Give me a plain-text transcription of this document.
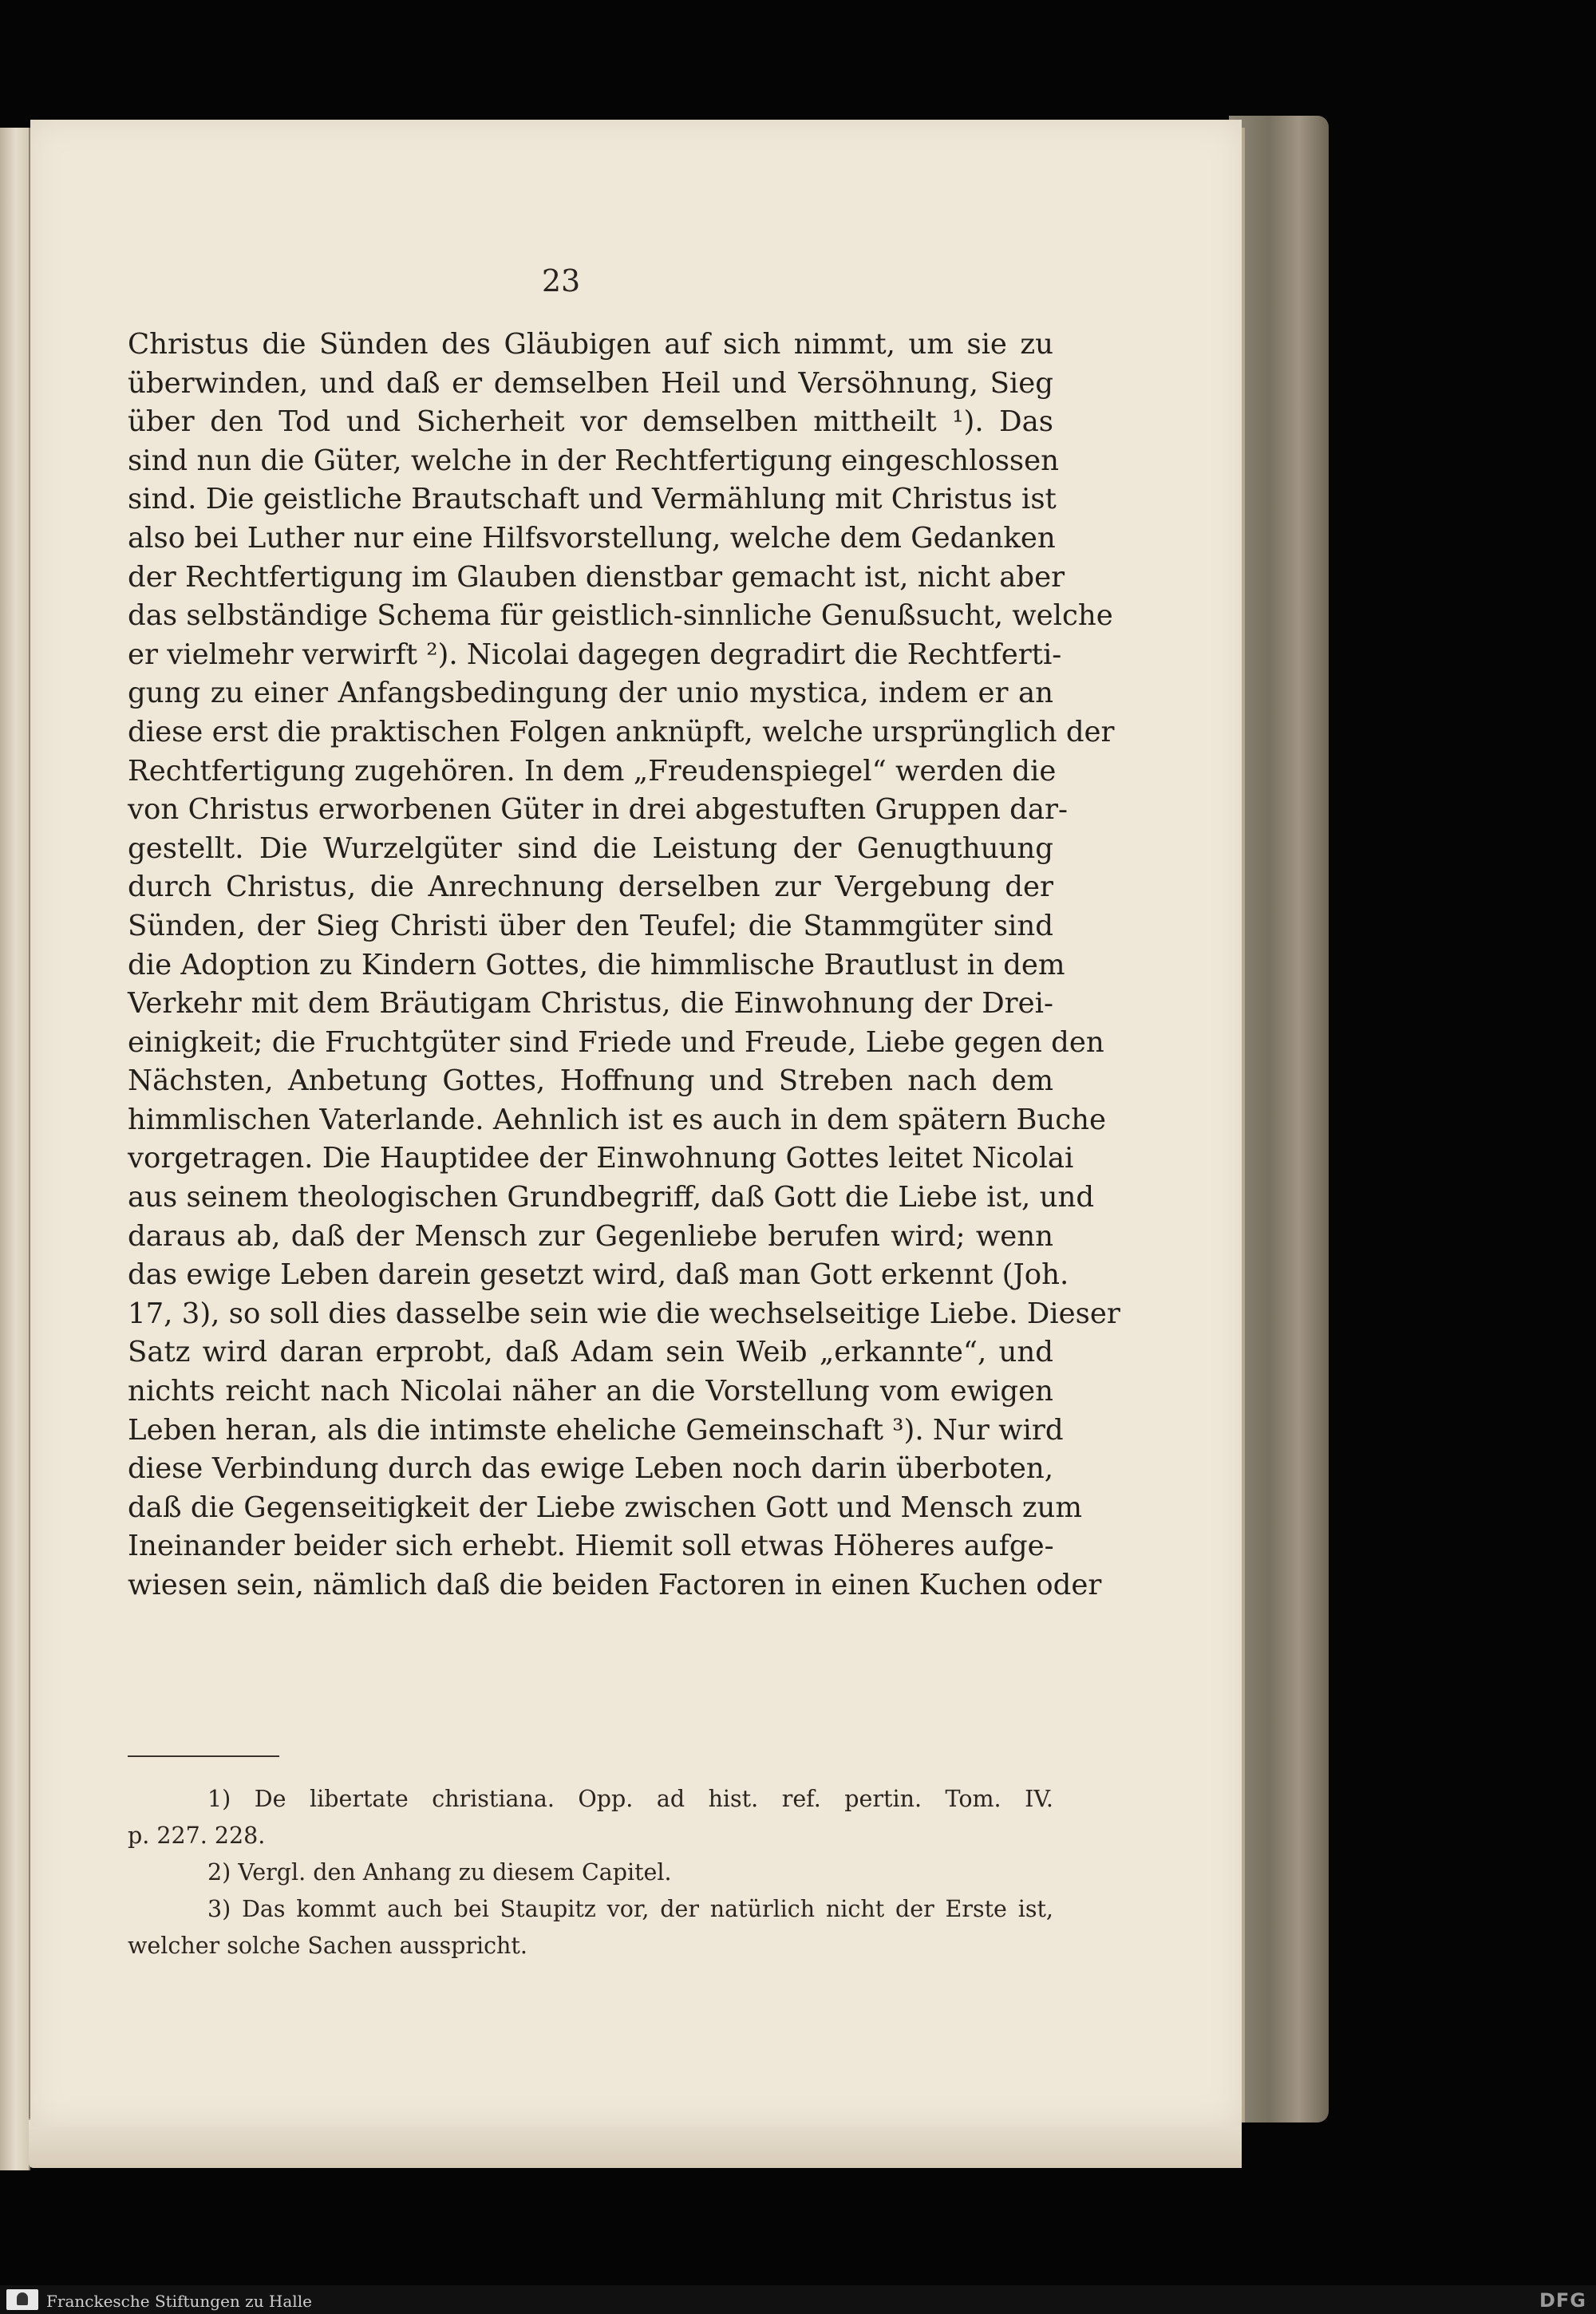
23

Christus die Sünden des Gläubigen auf sich nimmt, um sie zu

überwinden, und daß er demselben Heil und Versöhnung, Sieg

über den Tod und Sicherheit vor demselben mittheilt ¹). Das

sind nun die Güter, welche in der Rechtfertigung eingeschlossen

sind. Die geistliche Brautschaft und Vermählung mit Christus ist

also bei Luther nur eine Hilfsvorstellung, welche dem Gedanken

der Rechtfertigung im Glauben dienstbar gemacht ist, nicht aber

das selbständige Schema für geistlich-sinnliche Genußsucht, welche

er vielmehr verwirft ²). Nicolai dagegen degradirt die Rechtferti-

gung zu einer Anfangsbedingung der unio mystica, indem er an

diese erst die praktischen Folgen anknüpft, welche ursprünglich der

Rechtfertigung zugehören. In dem „Freudenspiegel“ werden die

von Christus erworbenen Güter in drei abgestuften Gruppen dar-

gestellt. Die Wurzelgüter sind die Leistung der Genugthuung

durch Christus, die Anrechnung derselben zur Vergebung der

Sünden, der Sieg Christi über den Teufel; die Stammgüter sind

die Adoption zu Kindern Gottes, die himmlische Brautlust in dem

Verkehr mit dem Bräutigam Christus, die Einwohnung der Drei-

einigkeit; die Fruchtgüter sind Friede und Freude, Liebe gegen den

Nächsten, Anbetung Gottes, Hoffnung und Streben nach dem

himmlischen Vaterlande. Aehnlich ist es auch in dem spätern Buche

vorgetragen. Die Hauptidee der Einwohnung Gottes leitet Nicolai

aus seinem theologischen Grundbegriff, daß Gott die Liebe ist, und

daraus ab, daß der Mensch zur Gegenliebe berufen wird; wenn

das ewige Leben darein gesetzt wird, daß man Gott erkennt (Joh.

17, 3), so soll dies dasselbe sein wie die wechselseitige Liebe. Dieser

Satz wird daran erprobt, daß Adam sein Weib „erkannte“, und

nichts reicht nach Nicolai näher an die Vorstellung vom ewigen

Leben heran, als die intimste eheliche Gemeinschaft ³). Nur wird

diese Verbindung durch das ewige Leben noch darin überboten,

daß die Gegenseitigkeit der Liebe zwischen Gott und Mensch zum

Ineinander beider sich erhebt. Hiemit soll etwas Höheres aufge-

wiesen sein, nämlich daß die beiden Factoren in einen Kuchen oder

1) De libertate christiana. Opp. ad hist. ref. pertin. Tom. IV.

p. 227. 228.

2) Vergl. den Anhang zu diesem Capitel.

3) Das kommt auch bei Staupitz vor, der natürlich nicht der Erste ist,

welcher solche Sachen ausspricht.

Franckesche Stiftungen zu Halle	DFG
